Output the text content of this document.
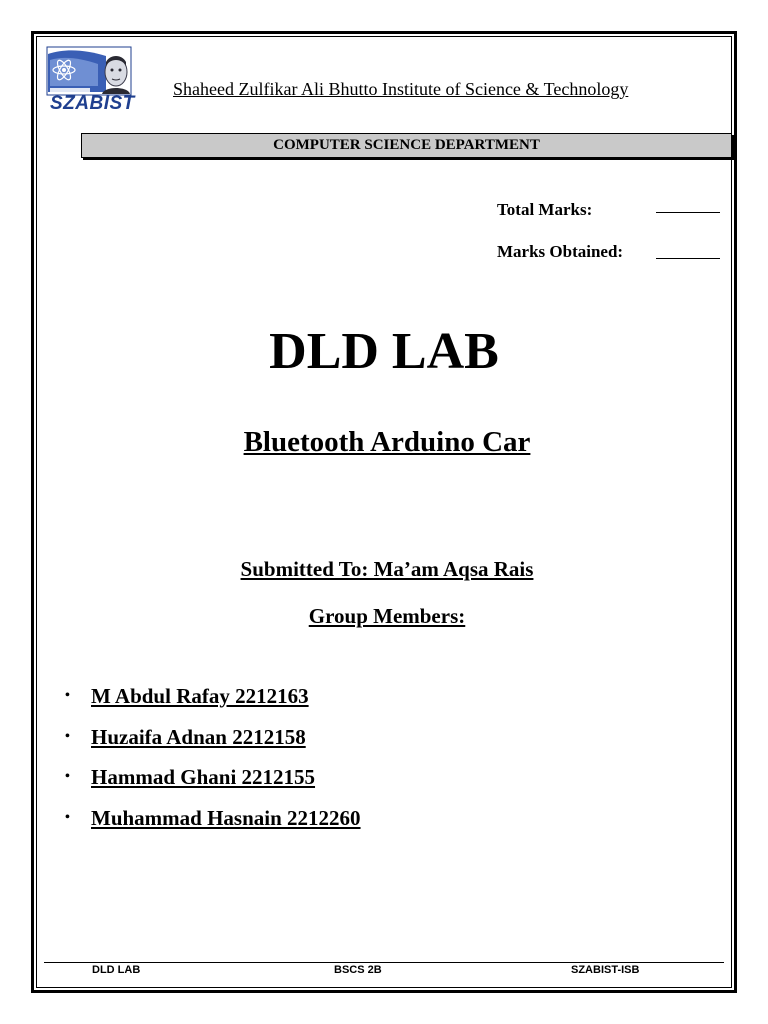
SZABIST
Shaheed Zulfikar Ali Bhutto Institute of Science & Technology
COMPUTER SCIENCE DEPARTMENT
Total Marks:
Marks Obtained:
DLD LAB
Bluetooth Arduino Car
Submitted To: Ma’am Aqsa Rais
Group Members:
• M Abdul Rafay 2212163
• Huzaifa Adnan 2212158
• Hammad Ghani 2212155
• Muhammad Hasnain 2212260
DLD LAB	BSCS 2B	SZABIST-ISB
